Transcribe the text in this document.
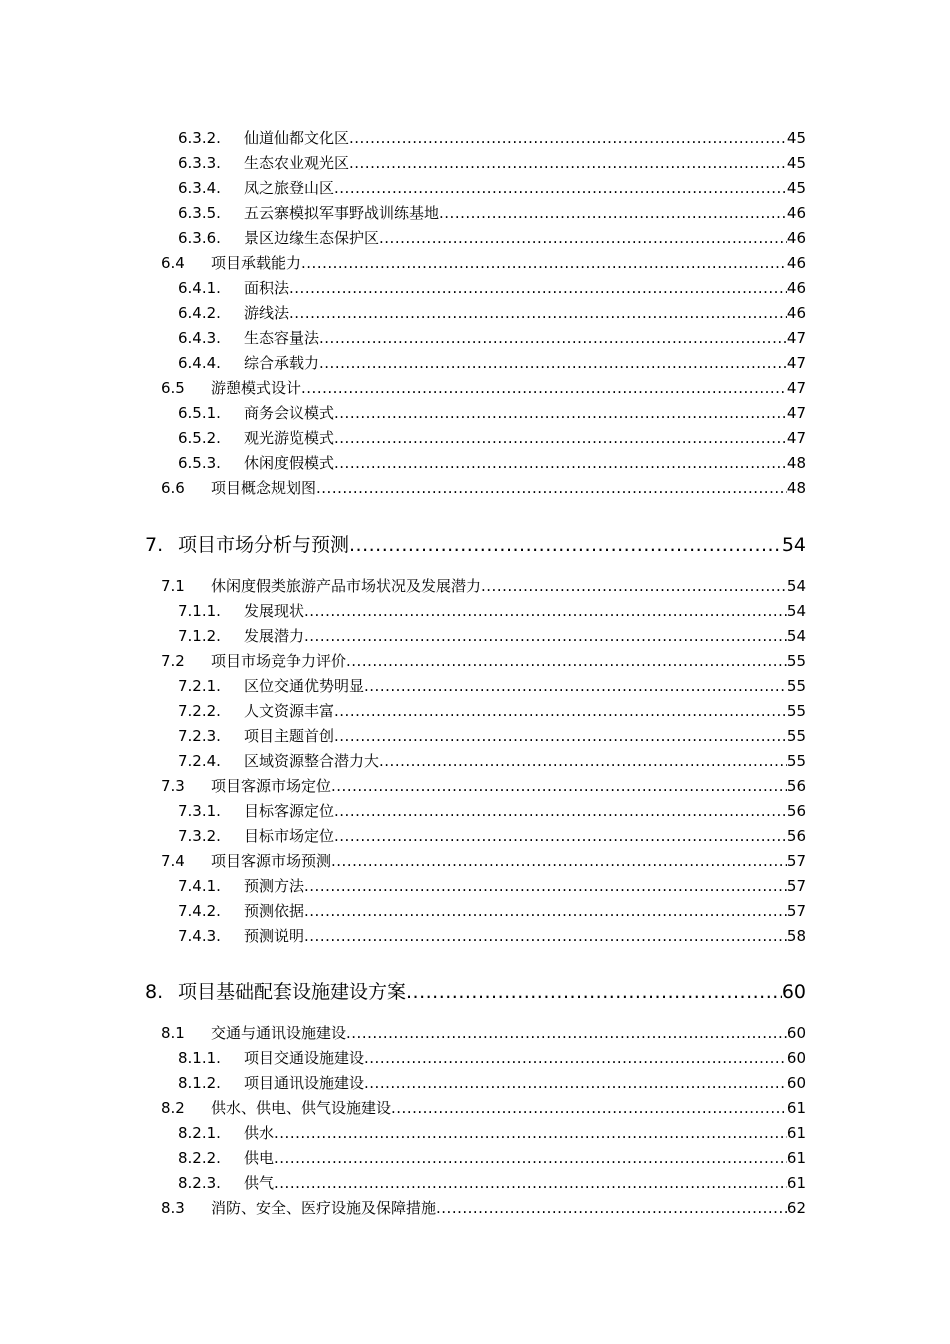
6.3.2.	仙道仙都文化区 .....	45
6.3.3.	生态农业观光区 .....	45
6.3.4.	凤之旅登山区 .....	45
6.3.5.	五云寨模拟军事野战训练基地 .....	46
6.3.6.	景区边缘生态保护区 .....	46
6.4	项目承载能力 .....	46
6.4.1.	面积法 .....	46
6.4.2.	游线法 .....	46
6.4.3.	生态容量法 .....	47
6.4.4.	综合承载力 .....	47
6.5	游憩模式设计 .....	47
6.5.1.	商务会议模式 .....	47
6.5.2.	观光游览模式 .....	47
6.5.3.	休闲度假模式 .....	48
6.6	项目概念规划图 .....	48
7. 项目市场分析与预测 .....	54
7.1	休闲度假类旅游产品市场状况及发展潜力 .....	54
7.1.1.	发展现状 .....	54
7.1.2.	发展潜力 .....	54
7.2	项目市场竞争力评价 .....	55
7.2.1.	区位交通优势明显 .....	55
7.2.2.	人文资源丰富 .....	55
7.2.3.	项目主题首创 .....	55
7.2.4.	区域资源整合潜力大 .....	55
7.3	项目客源市场定位 .....	56
7.3.1.	目标客源定位 .....	56
7.3.2.	目标市场定位 .....	56
7.4	项目客源市场预测 .....	57
7.4.1.	预测方法 .....	57
7.4.2.	预测依据 .....	57
7.4.3.	预测说明 .....	58
8. 项目基础配套设施建设方案 .....	60
8.1	交通与通讯设施建设 .....	60
8.1.1.	项目交通设施建设 .....	60
8.1.2.	项目通讯设施建设 .....	60
8.2	供水、供电、供气设施建设 .....	61
8.2.1.	供水 .....	61
8.2.2.	供电 .....	61
8.2.3.	供气 .....	61
8.3	消防、安全、医疗设施及保障措施 .....	62
